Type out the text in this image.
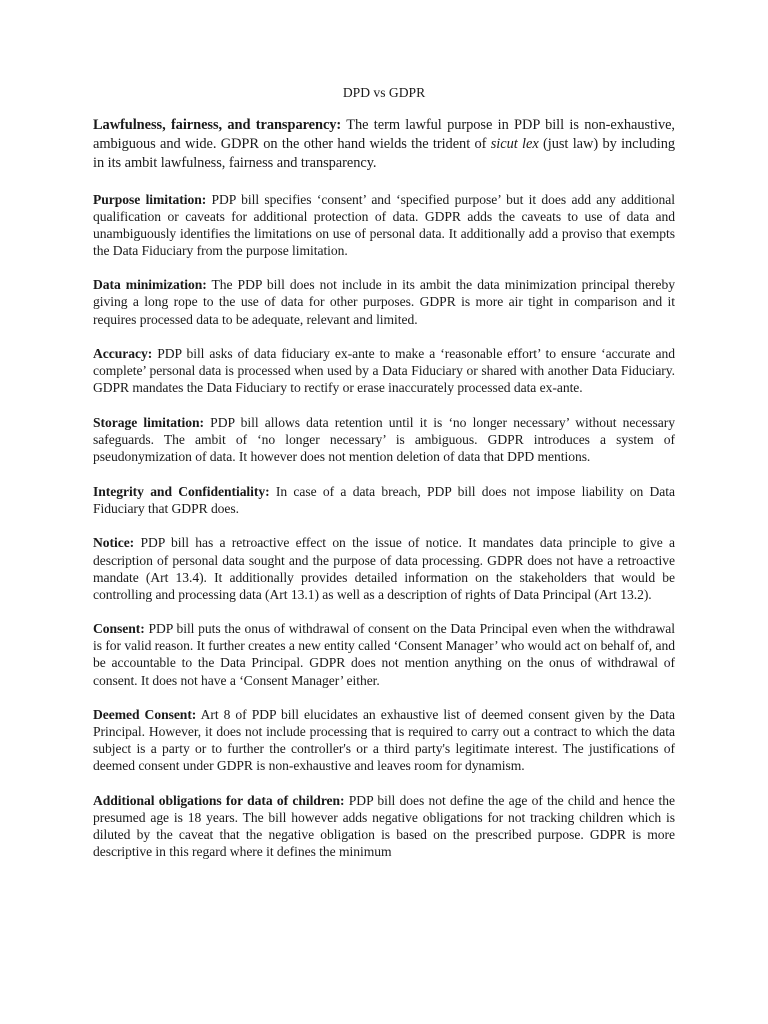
DPD vs GDPR

Lawfulness, fairness, and transparency: The term lawful purpose in PDP bill is non-exhaustive, ambiguous and wide. GDPR on the other hand wields the trident of sicut lex (just law) by including in its ambit lawfulness, fairness and transparency.

Purpose limitation: PDP bill specifies ‘consent’ and ‘specified purpose’ but it does add any additional qualification or caveats for additional protection of data. GDPR adds the caveats to use of data and unambiguously identifies the limitations on use of personal data. It additionally add a proviso that exempts the Data Fiduciary from the purpose limitation.

Data minimization: The PDP bill does not include in its ambit the data minimization principal thereby giving a long rope to the use of data for other purposes. GDPR is more air tight in comparison and it requires processed data to be adequate, relevant and limited.

Accuracy: PDP bill asks of data fiduciary ex-ante to make a ‘reasonable effort’ to ensure ‘accurate and complete’ personal data is processed when used by a Data Fiduciary or shared with another Data Fiduciary. GDPR mandates the Data Fiduciary to rectify or erase inaccurately processed data ex-ante.

Storage limitation: PDP bill allows data retention until it is ‘no longer necessary’ without necessary safeguards. The ambit of ‘no longer necessary’ is ambiguous. GDPR introduces a system of pseudonymization of data. It however does not mention deletion of data that DPD mentions.

Integrity and Confidentiality: In case of a data breach, PDP bill does not impose liability on Data Fiduciary that GDPR does.

Notice: PDP bill has a retroactive effect on the issue of notice. It mandates data principle to give a description of personal data sought and the purpose of data processing. GDPR does not have a retroactive mandate (Art 13.4). It additionally provides detailed information on the stakeholders that would be controlling and processing data (Art 13.1) as well as a description of rights of Data Principal (Art 13.2).

Consent: PDP bill puts the onus of withdrawal of consent on the Data Principal even when the withdrawal is for valid reason. It further creates a new entity called ‘Consent Manager’ who would act on behalf of, and be accountable to the Data Principal. GDPR does not mention anything on the onus of withdrawal of consent. It does not have a ‘Consent Manager’ either.

Deemed Consent: Art 8 of PDP bill elucidates an exhaustive list of deemed consent given by the Data Principal. However, it does not include processing that is required to carry out a contract to which the data subject is a party or to further the controller's or a third party's legitimate interest. The justifications of deemed consent under GDPR is non-exhaustive and leaves room for dynamism.

Additional obligations for data of children: PDP bill does not define the age of the child and hence the presumed age is 18 years. The bill however adds negative obligations for not tracking children which is diluted by the caveat that the negative obligation is based on the prescribed purpose. GDPR is more descriptive in this regard where it defines the minimum
